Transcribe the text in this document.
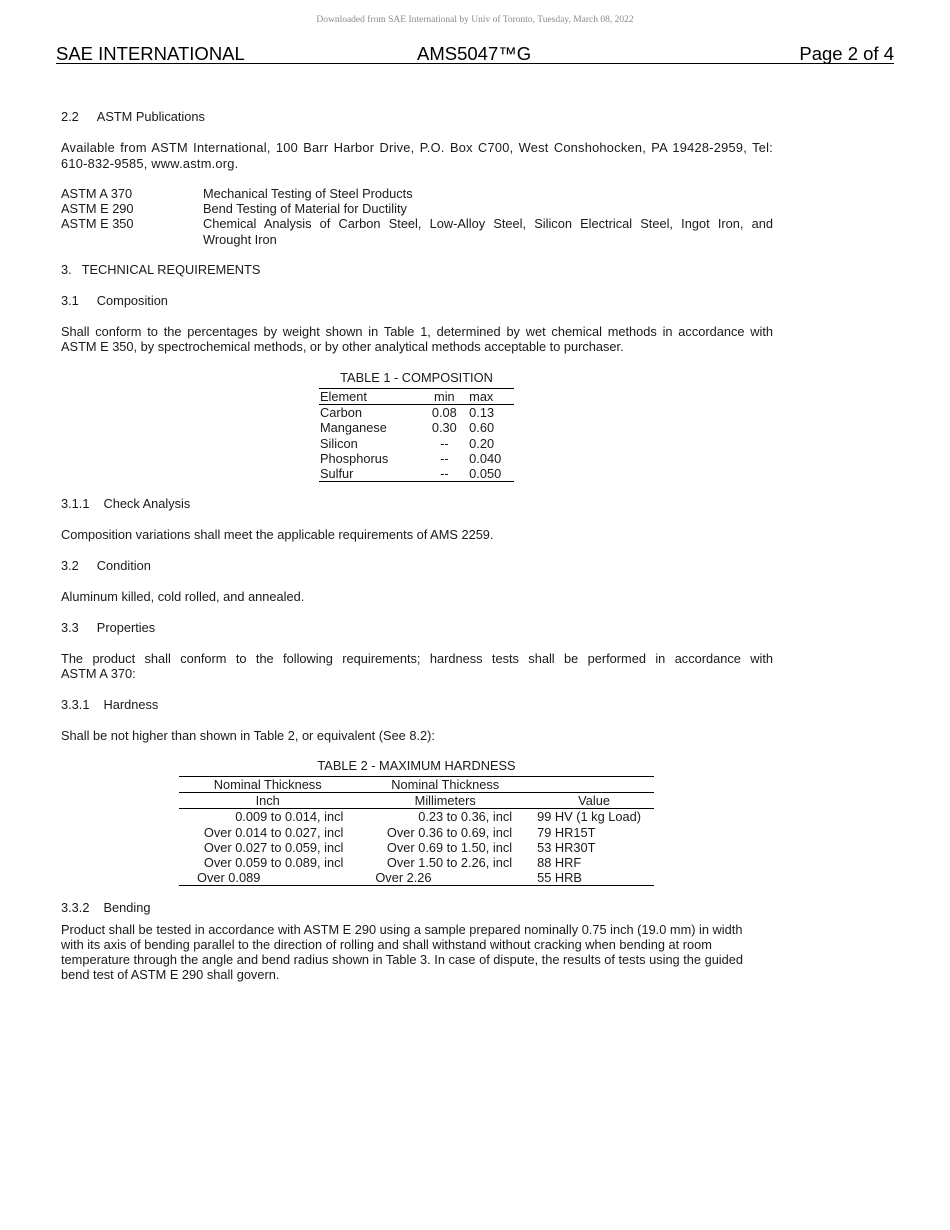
Downloaded from SAE International by Univ of Toronto, Tuesday, March 08, 2022
SAE INTERNATIONAL	AMS5047™G	Page 2 of 4
2.2 ASTM Publications
Available from ASTM International, 100 Barr Harbor Drive, P.O. Box C700, West Conshohocken, PA 19428-2959, Tel: 610-832-9585, www.astm.org.
ASTM A 370	Mechanical Testing of Steel Products
ASTM E 290	Bend Testing of Material for Ductility
ASTM E 350	Chemical Analysis of Carbon Steel, Low-Alloy Steel, Silicon Electrical Steel, Ingot Iron, and
Wrought Iron
3. TECHNICAL REQUIREMENTS
3.1 Composition
Shall conform to the percentages by weight shown in Table 1, determined by wet chemical methods in accordance with
ASTM E 350, by spectrochemical methods, or by other analytical methods acceptable to purchaser.
TABLE 1 - COMPOSITION
Element	min	max
Carbon	0.08	0.13
Manganese	0.30	0.60
Silicon	--	0.20
Phosphorus	--	0.040
Sulfur	--	0.050
3.1.1 Check Analysis
Composition variations shall meet the applicable requirements of AMS 2259.
3.2 Condition
Aluminum killed, cold rolled, and annealed.
3.3 Properties
The product shall conform to the following requirements; hardness tests shall be performed in accordance with
ASTM A 370:
3.3.1 Hardness
Shall be not higher than shown in Table 2, or equivalent (See 8.2):
TABLE 2 - MAXIMUM HARDNESS
Nominal Thickness	Nominal Thickness	
Inch	Millimeters	Value
0.009 to 0.014, incl	0.23 to 0.36, incl	99 HV (1 kg Load)
Over 0.014 to 0.027, incl	Over 0.36 to 0.69, incl	79 HR15T
Over 0.027 to 0.059, incl	Over 0.69 to 1.50, incl	53 HR30T
Over 0.059 to 0.089, incl	Over 1.50 to 2.26, incl	88 HRF
Over 0.089	Over 2.26	55 HRB
3.3.2 Bending
Product shall be tested in accordance with ASTM E 290 using a sample prepared nominally 0.75 inch (19.0 mm) in width
with its axis of bending parallel to the direction of rolling and shall withstand without cracking when bending at room
temperature through the angle and bend radius shown in Table 3. In case of dispute, the results of tests using the guided
bend test of ASTM E 290 shall govern.
